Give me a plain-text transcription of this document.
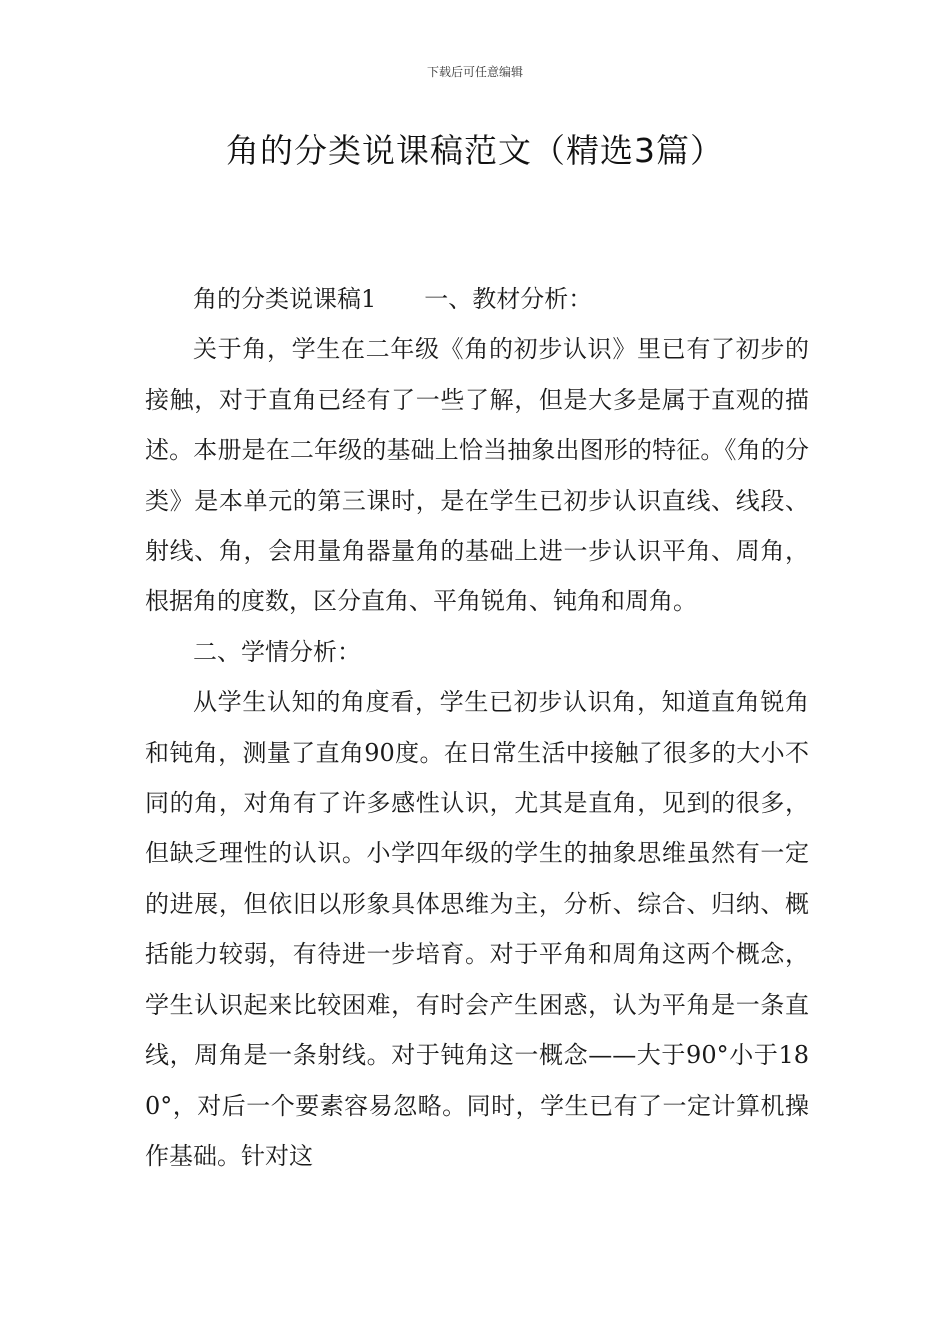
下载后可任意编辑
角的分类说课稿范文（精选3篇）

角的分类说课稿1 一、教材分析：

关于角，学生在二年级《角的初步认识》里已有了初步的接触，对于直角已经有了一些了解，但是大多是属于直观的描述。本册是在二年级的基础上恰当抽象出图形的特征。《角的分类》是本单元的第三课时，是在学生已初步认识直线、线段、射线、角，会用量角器量角的基础上进一步认识平角、周角，根据角的度数，区分直角、平角锐角、钝角和周角。

二、学情分析：

从学生认知的角度看，学生已初步认识角，知道直角锐角和钝角，测量了直角90度。在日常生活中接触了很多的大小不同的角，对角有了许多感性认识，尤其是直角，见到的很多，但缺乏理性的认识。小学四年级的学生的抽象思维虽然有一定的进展，但依旧以形象具体思维为主，分析、综合、归纳、概括能力较弱，有待进一步培育。对于平角和周角这两个概念，学生认识起来比较困难，有时会产生困惑，认为平角是一条直线，周角是一条射线。对于钝角这一概念——大于90°小于180°，对后一个要素容易忽略。同时，学生已有了一定计算机操作基础。针对这
